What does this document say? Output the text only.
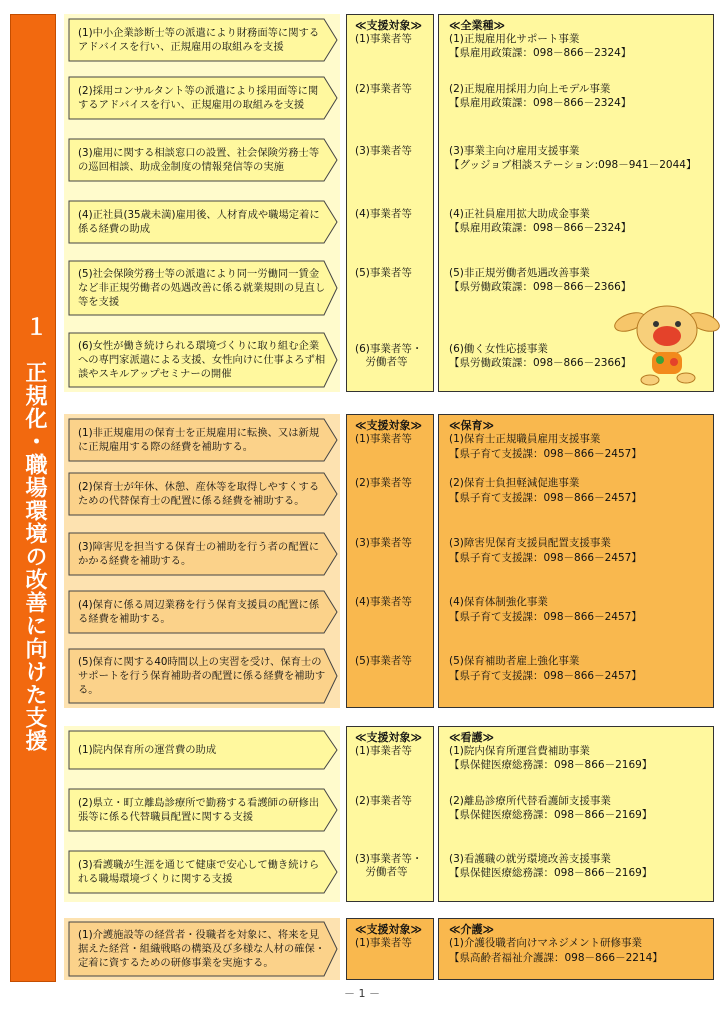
１　正規化・職場環境の改善に向けた支援
≪支援対象≫
(1)事業者等
(2)事業者等
(3)事業者等
(4)事業者等
(5)事業者等
(6)事業者等・
　労働者等
≪全業種≫
(1)正規雇用化サポート事業
【県雇用政策課：098－866－2324】
(2)正規雇用採用力向上モデル事業
【県雇用政策課：098－866－2324】
(3)事業主向け雇用支援事業
【グッジョブ相談ステーション:098－941－2044】
(4)正社員雇用拡大助成金事業
【県雇用政策課：098－866－2324】
(5)非正規労働者処遇改善事業
【県労働政策課：098－866－2366】
(6)働く女性応援事業
【県労働政策課：098－866－2366】
(1)中小企業診断士等の派遣により財務面等に関するアドバイスを行い、正規雇用の取組みを支援
(2)採用コンサルタント等の派遣により採用面等に関するアドバイスを行い、正規雇用の取組みを支援
(3)雇用に関する相談窓口の設置、社会保険労務士等の巡回相談、助成金制度の情報発信等の実施
(4)正社員(35歳未満)雇用後、人材育成や職場定着に係る経費の助成
(5)社会保険労務士等の派遣により同一労働同一賃金など非正規労働者の処遇改善に係る就業規則の見直し等を支援
(6)女性が働き続けられる環境づくりに取り組む企業への専門家派遣による支援、女性向けに仕事よろず相談やスキルアップセミナーの開催
≪支援対象≫
(1)事業者等
(2)事業者等
(3)事業者等
(4)事業者等
(5)事業者等
≪保育≫
(1)保育士正規職員雇用支援事業
【県子育て支援課：098－866－2457】
(2)保育士負担軽減促進事業
【県子育て支援課：098－866－2457】
(3)障害児保育支援員配置支援事業
【県子育て支援課：098－866－2457】
(4)保育体制強化事業
【県子育て支援課：098－866－2457】
(5)保育補助者雇上強化事業
【県子育て支援課：098－866－2457】
(1)非正規雇用の保育士を正規雇用に転換、又は新規に正規雇用する際の経費を補助する。
(2)保育士が年休、休憩、産休等を取得しやすくするための代替保育士の配置に係る経費を補助する。
(3)障害児を担当する保育士の補助を行う者の配置にかかる経費を補助する。
(4)保育に係る周辺業務を行う保育支援員の配置に係る経費を補助する。
(5)保育に関する40時間以上の実習を受け、保育士のサポートを行う保育補助者の配置に係る経費を補助する。
≪支援対象≫
(1)事業者等
(2)事業者等
(3)事業者等・
　労働者等
≪看護≫
(1)院内保育所運営費補助事業
【県保健医療総務課：098－866－2169】
(2)離島診療所代替看護師支援事業
【県保健医療総務課：098－866－2169】
(3)看護職の就労環境改善支援事業
【県保健医療総務課：098－866－2169】
(1)院内保育所の運営費の助成
(2)県立・町立離島診療所で勤務する看護師の研修出張等に係る代替職員配置に関する支援
(3)看護職が生涯を通じて健康で安心して働き続けられる職場環境づくりに関する支援
≪支援対象≫
(1)事業者等
≪介護≫
(1)介護役職者向けマネジメント研修事業
【県高齢者福祉介護課：098－866－2214】
(1)介護施設等の経営者・役職者を対象に、将来を見据えた経営・組織戦略の構築及び多様な人材の確保・定着に資するための研修事業を実施する。
－ 1 －
